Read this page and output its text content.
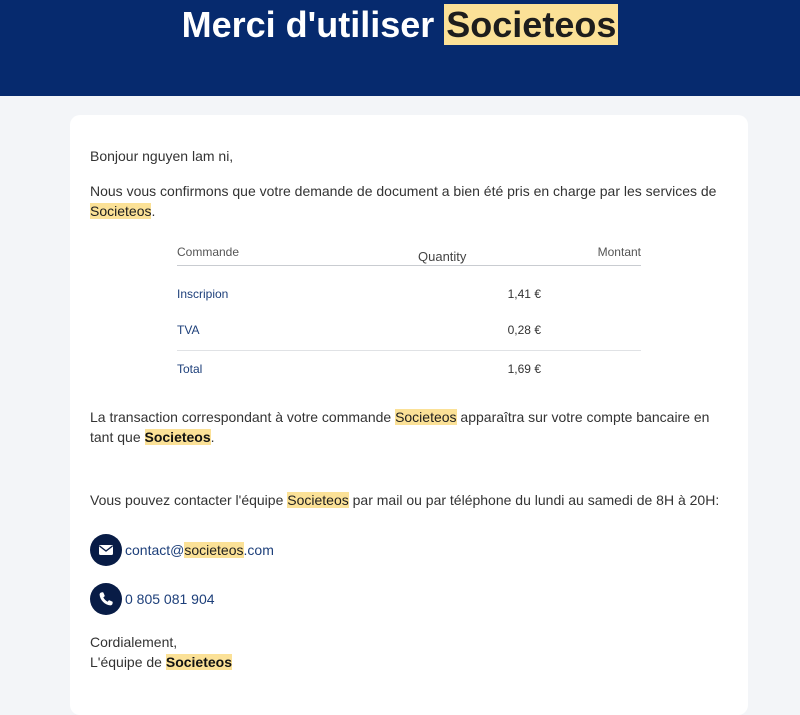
Merci d'utiliser Societeos
Bonjour nguyen lam ni,
Nous vous confirmons que votre demande de document a bien été pris en charge par les services de Societeos.
Commande	Quantity	Montant
Inscripion	1,41 €
TVA	0,28 €
Total	1,69 €
La transaction correspondant à votre commande Societeos apparaîtra sur votre compte bancaire en tant que Societeos.
Vous pouvez contacter l'équipe Societeos par mail ou par téléphone du lundi au samedi de 8H à 20H:
contact@societeos.com
0 805 081 904
Cordialement,
L'équipe de Societeos
